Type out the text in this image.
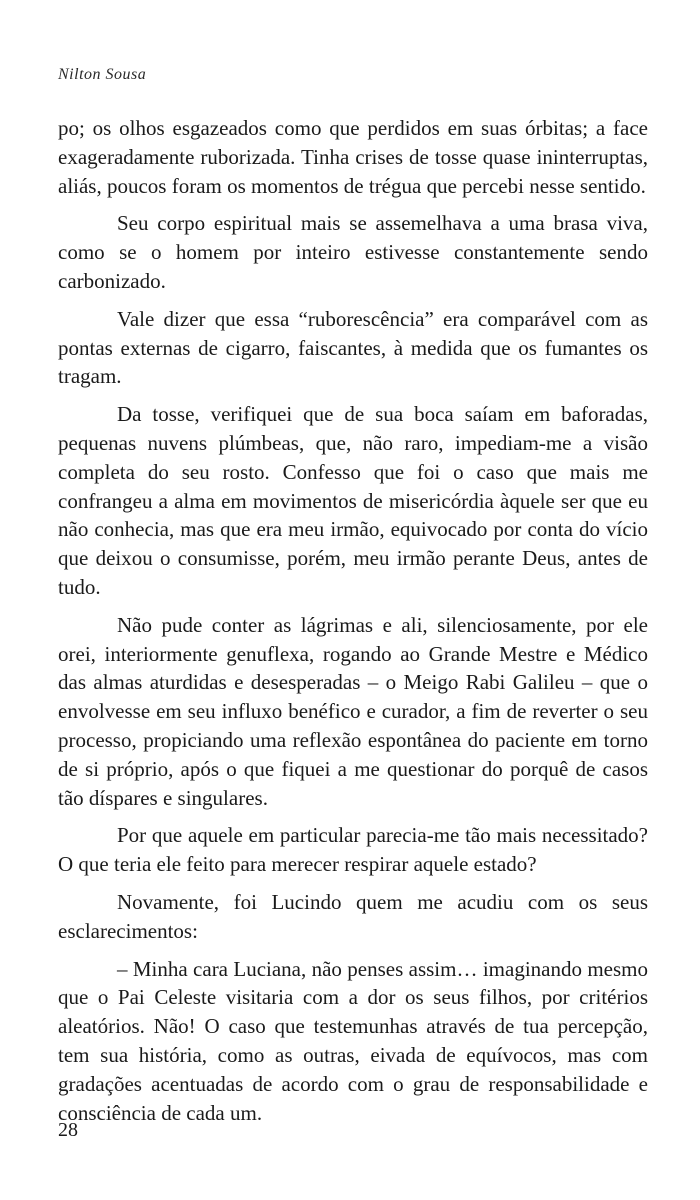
Nilton Sousa

po; os olhos esgazeados como que perdidos em suas órbitas; a face exageradamente ruborizada. Tinha crises de tosse quase ininterruptas, aliás, poucos foram os momentos de trégua que percebi nesse sentido.

Seu corpo espiritual mais se assemelhava a uma brasa viva, como se o homem por inteiro estivesse constantemente sendo carbonizado.

Vale dizer que essa “ruborescência” era comparável com as pontas externas de cigarro, faiscantes, à medida que os fumantes os tragam.

Da tosse, verifiquei que de sua boca saíam em baforadas, pequenas nuvens plúmbeas, que, não raro, impediam-me a visão completa do seu rosto. Confesso que foi o caso que mais me confrangeu a alma em movimentos de misericórdia àquele ser que eu não conhecia, mas que era meu irmão, equivocado por conta do vício que deixou o consumisse, porém, meu irmão perante Deus, antes de tudo.

Não pude conter as lágrimas e ali, silenciosamente, por ele orei, interiormente genuflexa, rogando ao Grande Mestre e Médico das almas aturdidas e desesperadas – o Meigo Rabi Galileu – que o envolvesse em seu influxo benéfico e curador, a fim de reverter o seu processo, propiciando uma reflexão espontânea do paciente em torno de si próprio, após o que fiquei a me questionar do porquê de casos tão díspares e singulares.

Por que aquele em particular parecia-me tão mais necessitado? O que teria ele feito para merecer respirar aquele estado?

Novamente, foi Lucindo quem me acudiu com os seus esclarecimentos:

– Minha cara Luciana, não penses assim… imaginando mesmo que o Pai Celeste visitaria com a dor os seus filhos, por critérios aleatórios. Não! O caso que testemunhas através de tua percepção, tem sua história, como as outras, eivada de equívocos, mas com gradações acentuadas de acordo com o grau de responsabilidade e consciência de cada um.

28
